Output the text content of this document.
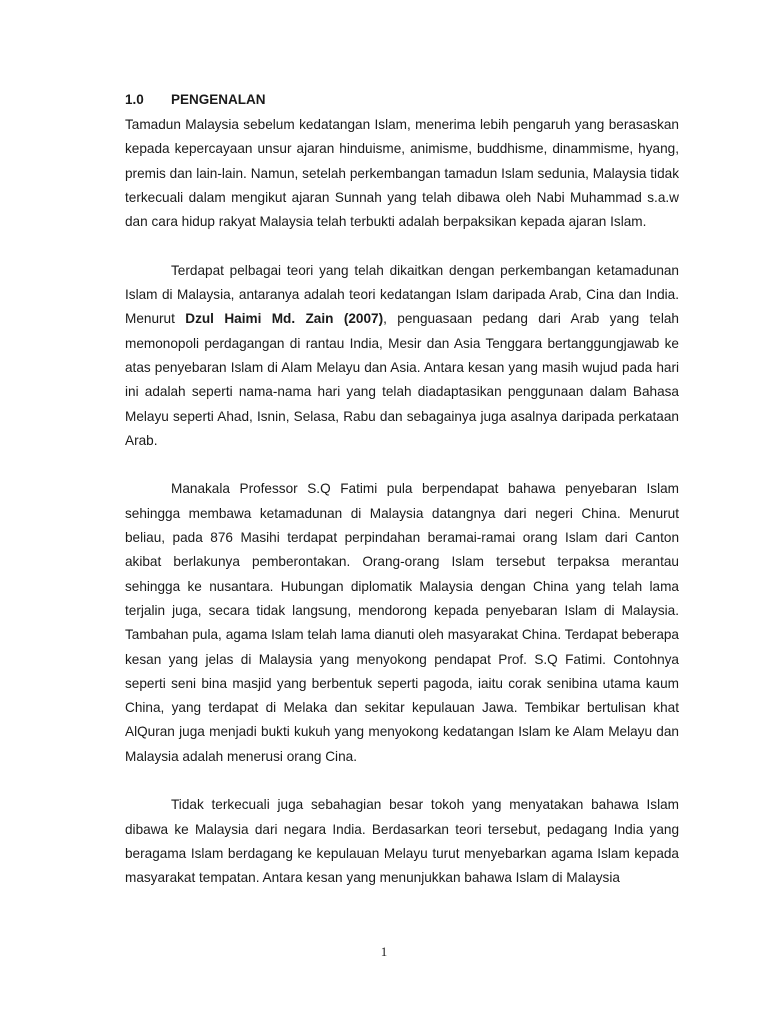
1.0	PENGENALAN

Tamadun Malaysia sebelum kedatangan Islam, menerima lebih pengaruh yang berasaskan kepada kepercayaan unsur ajaran hinduisme, animisme, buddhisme, dinammisme, hyang, premis dan lain-lain. Namun, setelah perkembangan tamadun Islam sedunia, Malaysia tidak terkecuali dalam mengikut ajaran Sunnah yang telah dibawa oleh Nabi Muhammad s.a.w dan cara hidup rakyat Malaysia telah terbukti adalah berpaksikan kepada ajaran Islam.

Terdapat pelbagai teori yang telah dikaitkan dengan perkembangan ketamadunan Islam di Malaysia, antaranya adalah teori kedatangan Islam daripada Arab, Cina dan India. Menurut Dzul Haimi Md. Zain (2007), penguasaan pedang dari Arab yang telah memonopoli perdagangan di rantau India, Mesir dan Asia Tenggara bertanggungjawab ke atas penyebaran Islam di Alam Melayu dan Asia. Antara kesan yang masih wujud pada hari ini adalah seperti nama-nama hari yang telah diadaptasikan penggunaan dalam Bahasa Melayu seperti Ahad, Isnin, Selasa, Rabu dan sebagainya juga asalnya daripada perkataan Arab.

Manakala Professor S.Q Fatimi pula berpendapat bahawa penyebaran Islam sehingga membawa ketamadunan di Malaysia datangnya dari negeri China. Menurut beliau, pada 876 Masihi terdapat perpindahan beramai-ramai orang Islam dari Canton akibat berlakunya pemberontakan. Orang-orang Islam tersebut terpaksa merantau sehingga ke nusantara. Hubungan diplomatik Malaysia dengan China yang telah lama terjalin juga, secara tidak langsung, mendorong kepada penyebaran Islam di Malaysia. Tambahan pula, agama Islam telah lama dianuti oleh masyarakat China. Terdapat beberapa kesan yang jelas di Malaysia yang menyokong pendapat Prof. S.Q Fatimi. Contohnya seperti seni bina masjid yang berbentuk seperti pagoda, iaitu corak senibina utama kaum China, yang terdapat di Melaka dan sekitar kepulauan Jawa. Tembikar bertulisan khat AlQuran juga menjadi bukti kukuh yang menyokong kedatangan Islam ke Alam Melayu dan Malaysia adalah menerusi orang Cina.

Tidak terkecuali juga sebahagian besar tokoh yang menyatakan bahawa Islam dibawa ke Malaysia dari negara India. Berdasarkan teori tersebut, pedagang India yang beragama Islam berdagang ke kepulauan Melayu turut menyebarkan agama Islam kepada masyarakat tempatan. Antara kesan yang menunjukkan bahawa Islam di Malaysia

1
